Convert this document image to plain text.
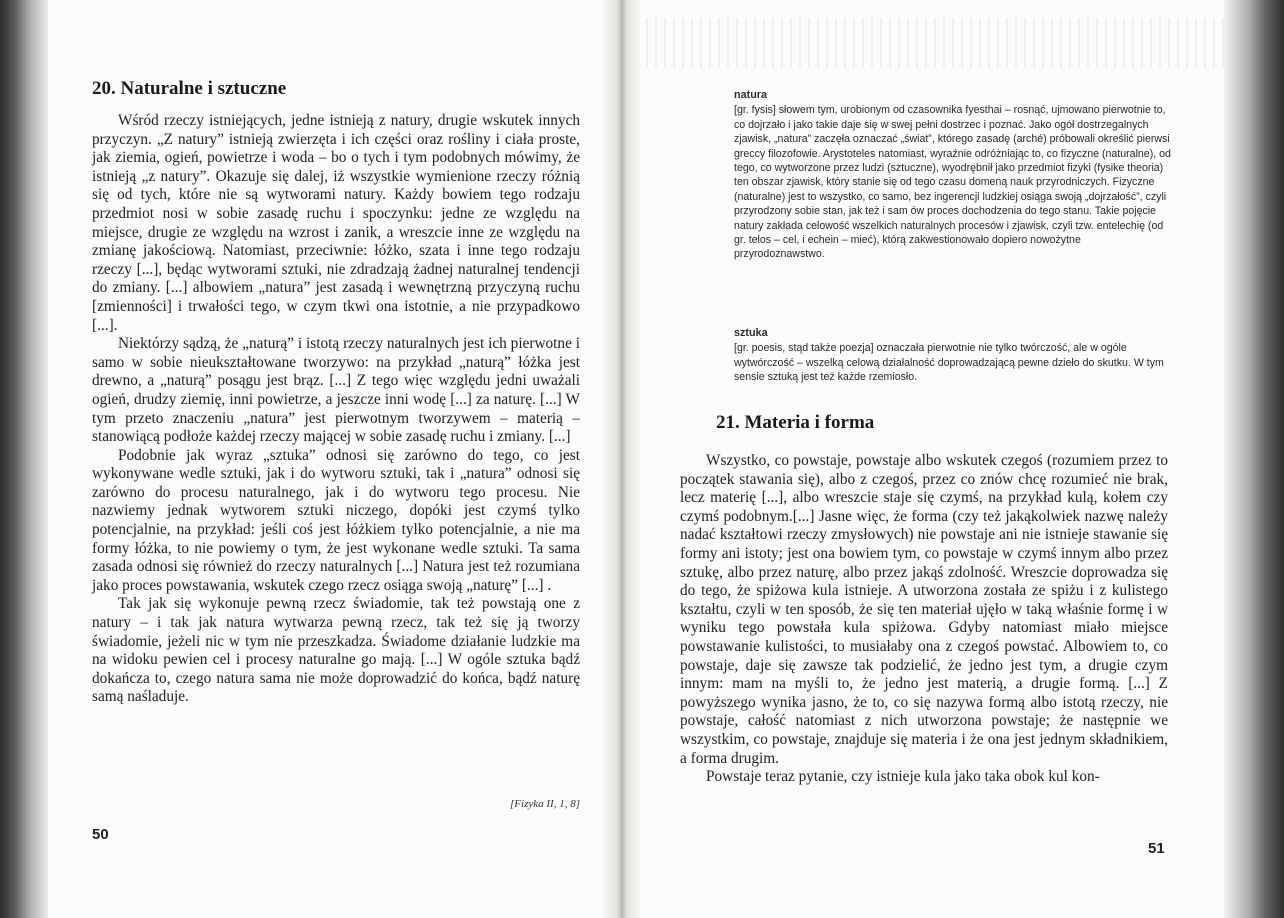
20. Naturalne i sztuczne

Wśród rzeczy istniejących, jedne istnieją z natury, drugie wskutek innych przyczyn. „Z natury” istnieją zwierzęta i ich części oraz rośliny i ciała proste, jak ziemia, ogień, powietrze i woda – bo o tych i tym podobnych mówimy, że istnieją „z natury”. Okazuje się dalej, iż wszystkie wymienione rzeczy różnią się od tych, które nie są wytworami natury. Każdy bowiem tego rodzaju przedmiot nosi w sobie zasadę ruchu i spoczynku: jedne ze względu na miejsce, drugie ze względu na wzrost i zanik, a wreszcie inne ze względu na zmianę jakościową. Natomiast, przeciwnie: łóżko, szata i inne tego rodzaju rzeczy [...], będąc wytworami sztuki, nie zdradzają żadnej naturalnej tendencji do zmiany. [...] albowiem „natura” jest zasadą i wewnętrzną przyczyną ruchu [zmienności] i trwałości tego, w czym tkwi ona istotnie, a nie przypadkowo [...].

Niektórzy sądzą, że „naturą” i istotą rzeczy naturalnych jest ich pierwotne i samo w sobie nieukształtowane tworzywo: na przykład „naturą” łóżka jest drewno, a „naturą” posągu jest brąz. [...] Z tego więc względu jedni uważali ogień, drudzy ziemię, inni powietrze, a jeszcze inni wodę [...] za naturę. [...] W tym przeto znaczeniu „natura” jest pierwotnym tworzywem – materią – stanowiącą podłoże każdej rzeczy mającej w sobie zasadę ruchu i zmiany. [...]

Podobnie jak wyraz „sztuka” odnosi się zarówno do tego, co jest wykonywane wedle sztuki, jak i do wytworu sztuki, tak i „natura” odnosi się zarówno do procesu naturalnego, jak i do wytworu tego procesu. Nie nazwiemy jednak wytworem sztuki niczego, dopóki jest czymś tylko potencjalnie, na przykład: jeśli coś jest łóżkiem tylko potencjalnie, a nie ma formy łóżka, to nie powiemy o tym, że jest wykonane wedle sztuki. Ta sama zasada odnosi się również do rzeczy naturalnych [...] Natura jest też rozumiana jako proces powstawania, wskutek czego rzecz osiąga swoją „naturę” [...] .

Tak jak się wykonuje pewną rzecz świadomie, tak też powstają one z natury – i tak jak natura wytwarza pewną rzecz, tak też się ją tworzy świadomie, jeżeli nic w tym nie przeszkadza. Świadome działanie ludzkie ma na widoku pewien cel i procesy naturalne go mają. [...] W ogóle sztuka bądź dokańcza to, czego natura sama nie może doprowadzić do końca, bądź naturę samą naśladuje.

[Fizyka II, 1, 8]
50
natura

[gr. fysis] słowem tym, urobionym od czasownika fyesthai – rosnąć, ujmowano pierwotnie to, co dojrzało i jako takie daje się w swej pełni dostrzec i poznać. Jako ogół dostrzegalnych zjawisk, „natura” zaczęła oznaczać „świat”, którego zasadę (arché) próbowali określić pierwsi greccy filozofowie. Arystoteles natomiast, wyraźnie odróżniając to, co fizyczne (naturalne), od tego, co wytworzone przez ludzi (sztuczne), wyodrębnił jako przedmiot fizyki (fysike theoria) ten obszar zjawisk, który stanie się od tego czasu domeną nauk przyrodniczych. Fizyczne (naturalne) jest to wszystko, co samo, bez ingerencji ludzkiej osiąga swoją „dojrzałość”, czyli przyrodzony sobie stan, jak też i sam ów proces dochodzenia do tego stanu. Takie pojęcie natury zakłada celowość wszelkich naturalnych procesów i zjawisk, czyli tzw. entelechię (od gr. telos – cel, i echein – mieć), którą zakwestionowało dopiero nowożytne przyrodoznawstwo.

sztuka

[gr. poesis, stąd także poezja] oznaczała pierwotnie nie tylko twórczość, ale w ogóle wytwórczość – wszelką celową działalność doprowadzającą pewne dzieło do skutku. W tym sensie sztuką jest też każde rzemiosło.

21. Materia i forma

Wszystko, co powstaje, powstaje albo wskutek czegoś (rozumiem przez to początek stawania się), albo z czegoś, przez co znów chcę rozumieć nie brak, lecz materię [...], albo wreszcie staje się czymś, na przykład kulą, kołem czy czymś podobnym.[...] Jasne więc, że forma (czy też jakąkolwiek nazwę należy nadać kształtowi rzeczy zmysłowych) nie powstaje ani nie istnieje stawanie się formy ani istoty; jest ona bowiem tym, co powstaje w czymś innym albo przez sztukę, albo przez naturę, albo przez jakąś zdolność. Wreszcie doprowadza się do tego, że spiżowa kula istnieje. A utworzona została ze spiżu i z kulistego kształtu, czyli w ten sposób, że się ten materiał ujęło w taką właśnie formę i w wyniku tego powstała kula spiżowa. Gdyby natomiast miało miejsce powstawanie kulistości, to musiałaby ona z czegoś powstać. Albowiem to, co powstaje, daje się zawsze tak podzielić, że jedno jest tym, a drugie czym innym: mam na myśli to, że jedno jest materią, a drugie formą. [...] Z powyższego wynika jasno, że to, co się nazywa formą albo istotą rzeczy, nie powstaje, całość natomiast z nich utworzona powstaje; że następnie we wszystkim, co powstaje, znajduje się materia i że ona jest jednym składnikiem, a forma drugim.

Powstaje teraz pytanie, czy istnieje kula jako taka obok kul kon-

51
